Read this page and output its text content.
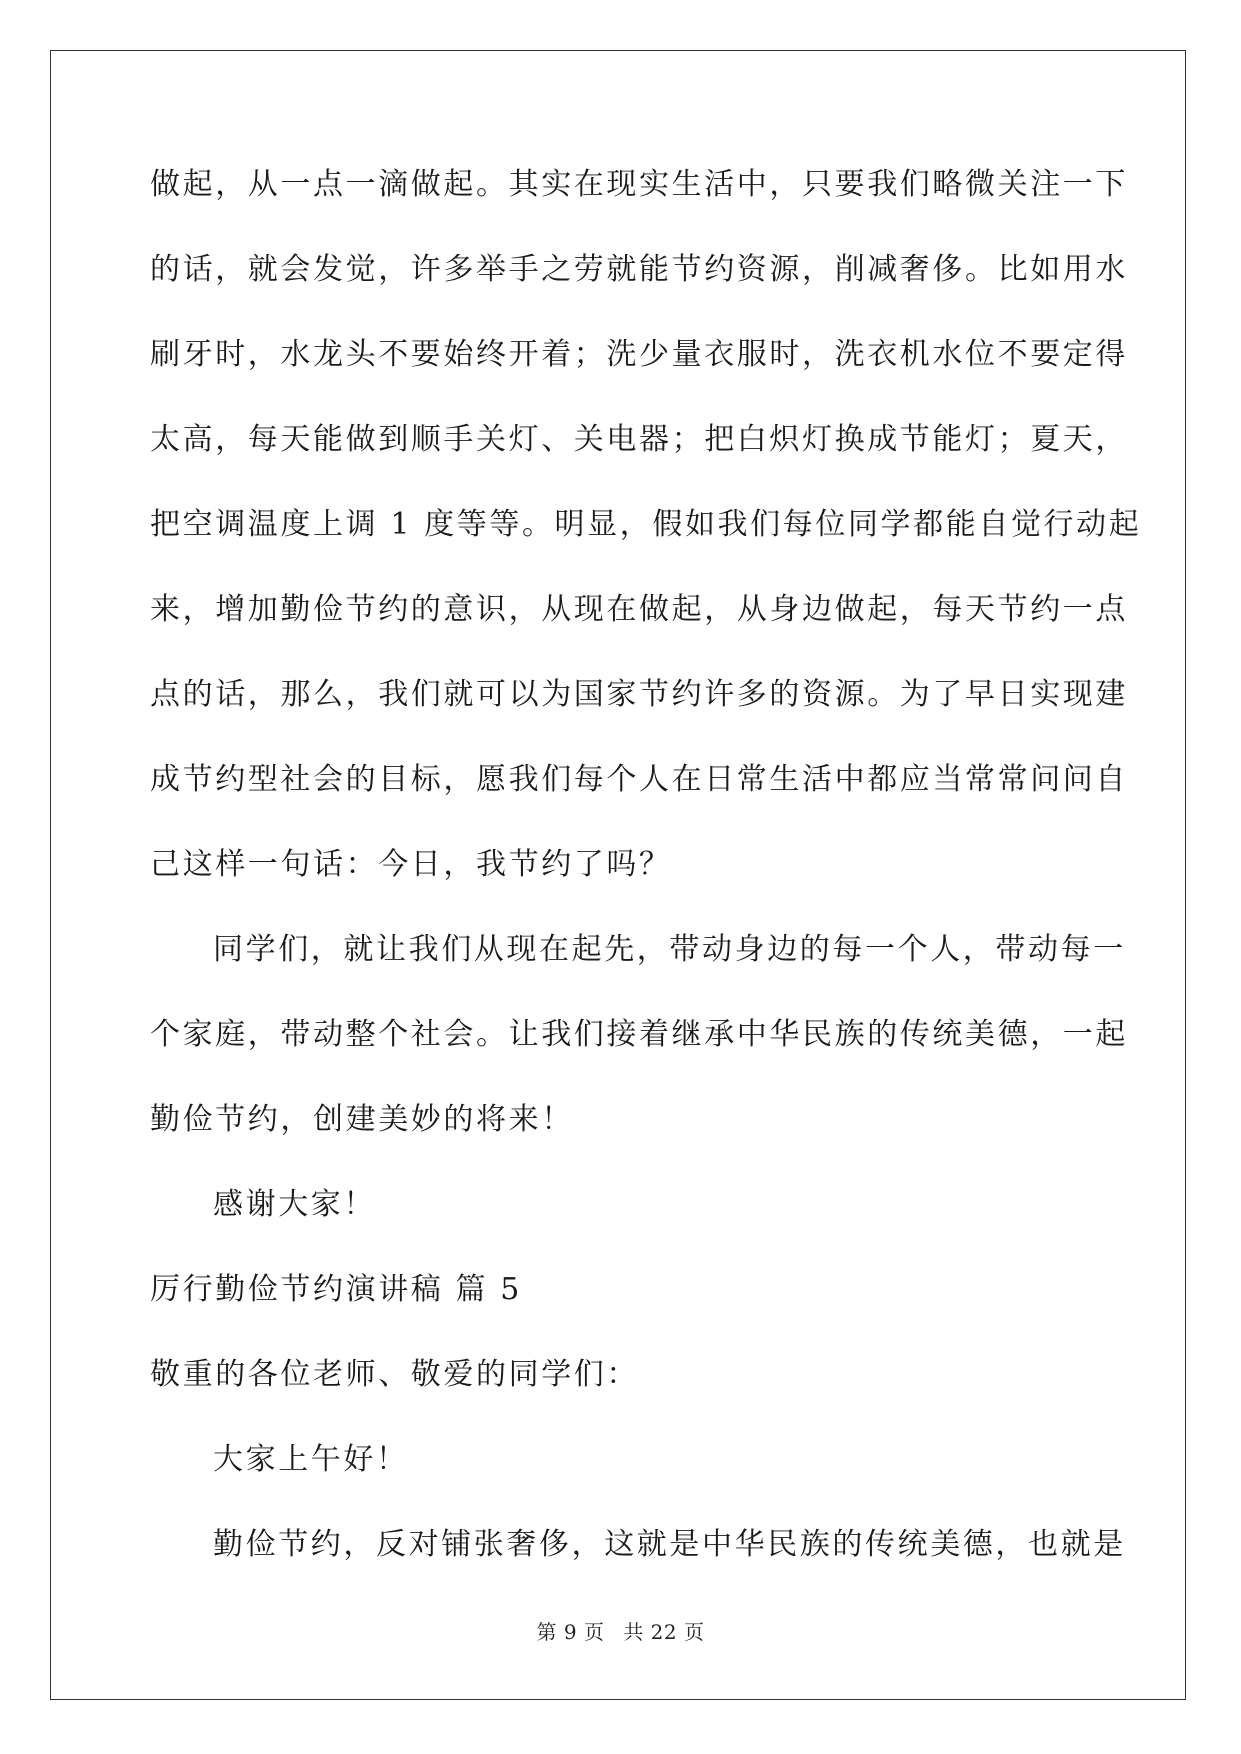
做起，从一点一滴做起。其实在现实生活中，只要我们略微关注一下
的话，就会发觉，许多举手之劳就能节约资源，削减奢侈。比如用水
刷牙时，水龙头不要始终开着；洗少量衣服时，洗衣机水位不要定得
太高，每天能做到顺手关灯、关电器；把白炽灯换成节能灯；夏天，
把空调温度上调 1 度等等。明显，假如我们每位同学都能自觉行动起
来，增加勤俭节约的意识，从现在做起，从身边做起，每天节约一点
点的话，那么，我们就可以为国家节约许多的资源。为了早日实现建
成节约型社会的目标，愿我们每个人在日常生活中都应当常常问问自
己这样一句话：今日，我节约了吗？
同学们，就让我们从现在起先，带动身边的每一个人，带动每一
个家庭，带动整个社会。让我们接着继承中华民族的传统美德，一起
勤俭节约，创建美妙的将来！
感谢大家！
厉行勤俭节约演讲稿 篇 5
敬重的各位老师、敬爱的同学们：
大家上午好！
勤俭节约，反对铺张奢侈，这就是中华民族的传统美德，也就是
第 9 页 共 22 页
